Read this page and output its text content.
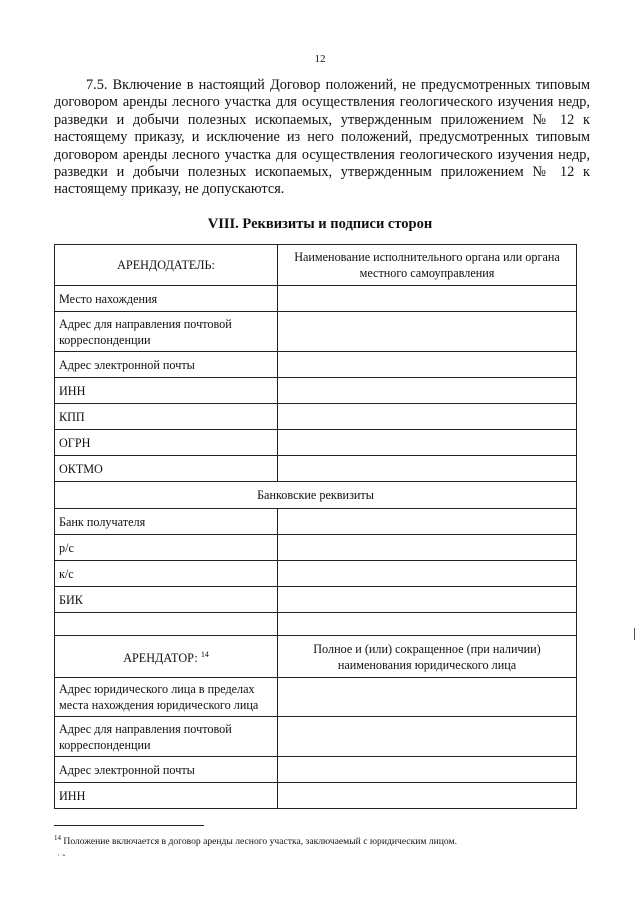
12

7.5. Включение в настоящий Договор положений, не предусмотренных типовым договором аренды лесного участка для осуществления геологического изучения недр, разведки и добычи полезных ископаемых, утвержденным приложением № 12 к настоящему приказу, и исключение из него положений, предусмотренных типовым договором аренды лесного участка для осуществления геологического изучения недр, разведки и добычи полезных ископаемых, утвержденным приложением № 12 к настоящему приказу, не допускаются.

VIII. Реквизиты и подписи сторон
АРЕНДОДАТЕЛЬ:	Наименование исполнительного органа или органа местного самоуправления
Место нахождения	
Адрес для направления почтовой корреспонденции	
Адрес электронной почты	
ИНН	
КПП	
ОГРН	
ОКТМО	
Банковские реквизиты	
Банк получателя	
р/с	
к/с	
БИК	

АРЕНДАТОР: $^{14}$	Полное и (или) сокращенное (при наличии) наименования юридического лица
Адрес юридического лица в пределах места нахождения юридического лица	
Адрес для направления почтовой корреспонденции	
Адрес электронной почты	
ИНН	
$^{14}$ Положение включается в договор аренды лесного участка, заключаемый с юридическим лицом.
˙ ˆ
